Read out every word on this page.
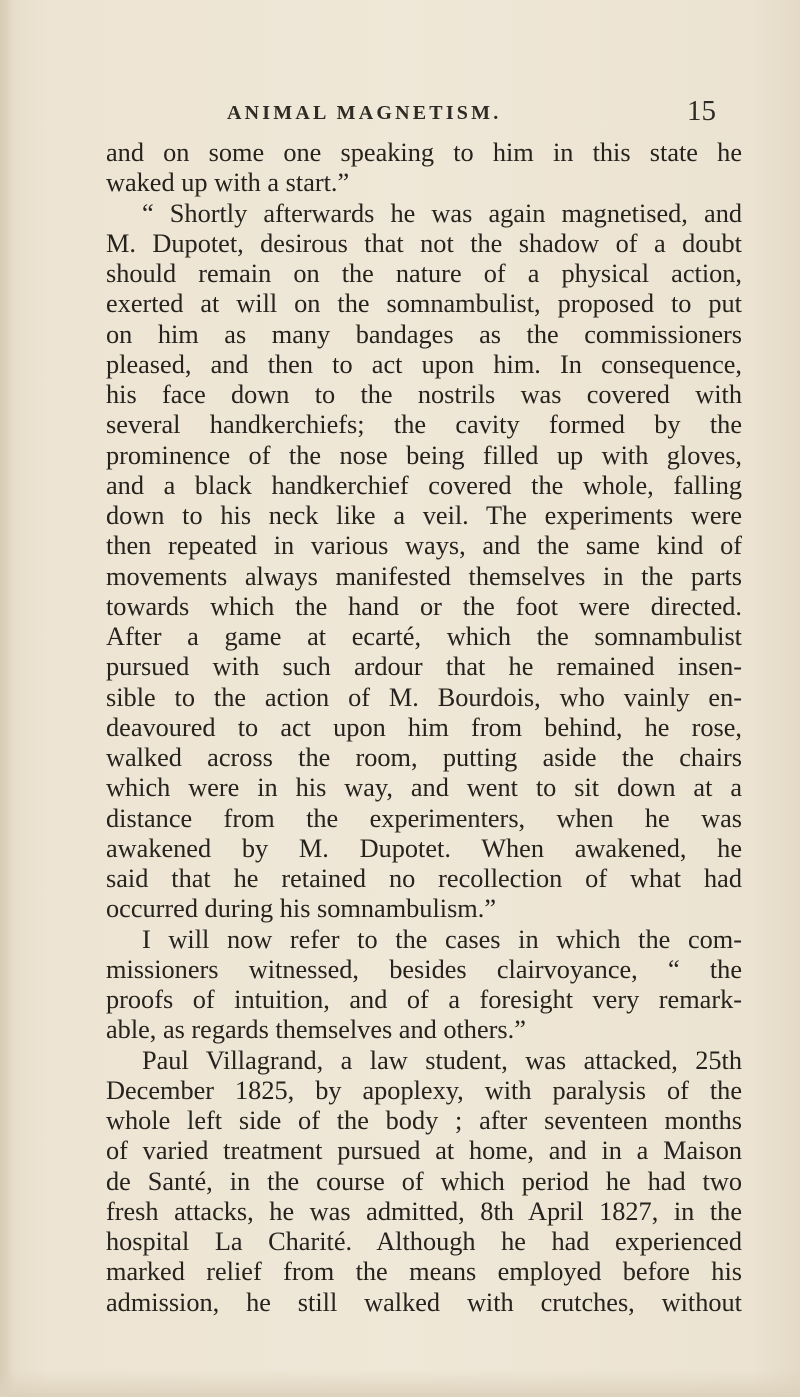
ANIMAL MAGNETISM.	15
and on some one speaking to him in this state he
waked up with a start.”
“ Shortly afterwards he was again magnetised, and
M. Dupotet, desirous that not the shadow of a doubt
should remain on the nature of a physical action,
exerted at will on the somnambulist, proposed to put
on him as many bandages as the commissioners
pleased, and then to act upon him. In consequence,
his face down to the nostrils was covered with
several handkerchiefs; the cavity formed by the
prominence of the nose being filled up with gloves,
and a black handkerchief covered the whole, falling
down to his neck like a veil. The experiments were
then repeated in various ways, and the same kind of
movements always manifested themselves in the parts
towards which the hand or the foot were directed.
After a game at ecarté, which the somnambulist
pursued with such ardour that he remained insen-
sible to the action of M. Bourdois, who vainly en-
deavoured to act upon him from behind, he rose,
walked across the room, putting aside the chairs
which were in his way, and went to sit down at a
distance from the experimenters, when he was
awakened by M. Dupotet. When awakened, he
said that he retained no recollection of what had
occurred during his somnambulism.”
I will now refer to the cases in which the com-
missioners witnessed, besides clairvoyance, “ the
proofs of intuition, and of a foresight very remark-
able, as regards themselves and others.”
Paul Villagrand, a law student, was attacked, 25th
December 1825, by apoplexy, with paralysis of the
whole left side of the body ; after seventeen months
of varied treatment pursued at home, and in a Maison
de Santé, in the course of which period he had two
fresh attacks, he was admitted, 8th April 1827, in the
hospital La Charité. Although he had experienced
marked relief from the means employed before his
admission, he still walked with crutches, without
